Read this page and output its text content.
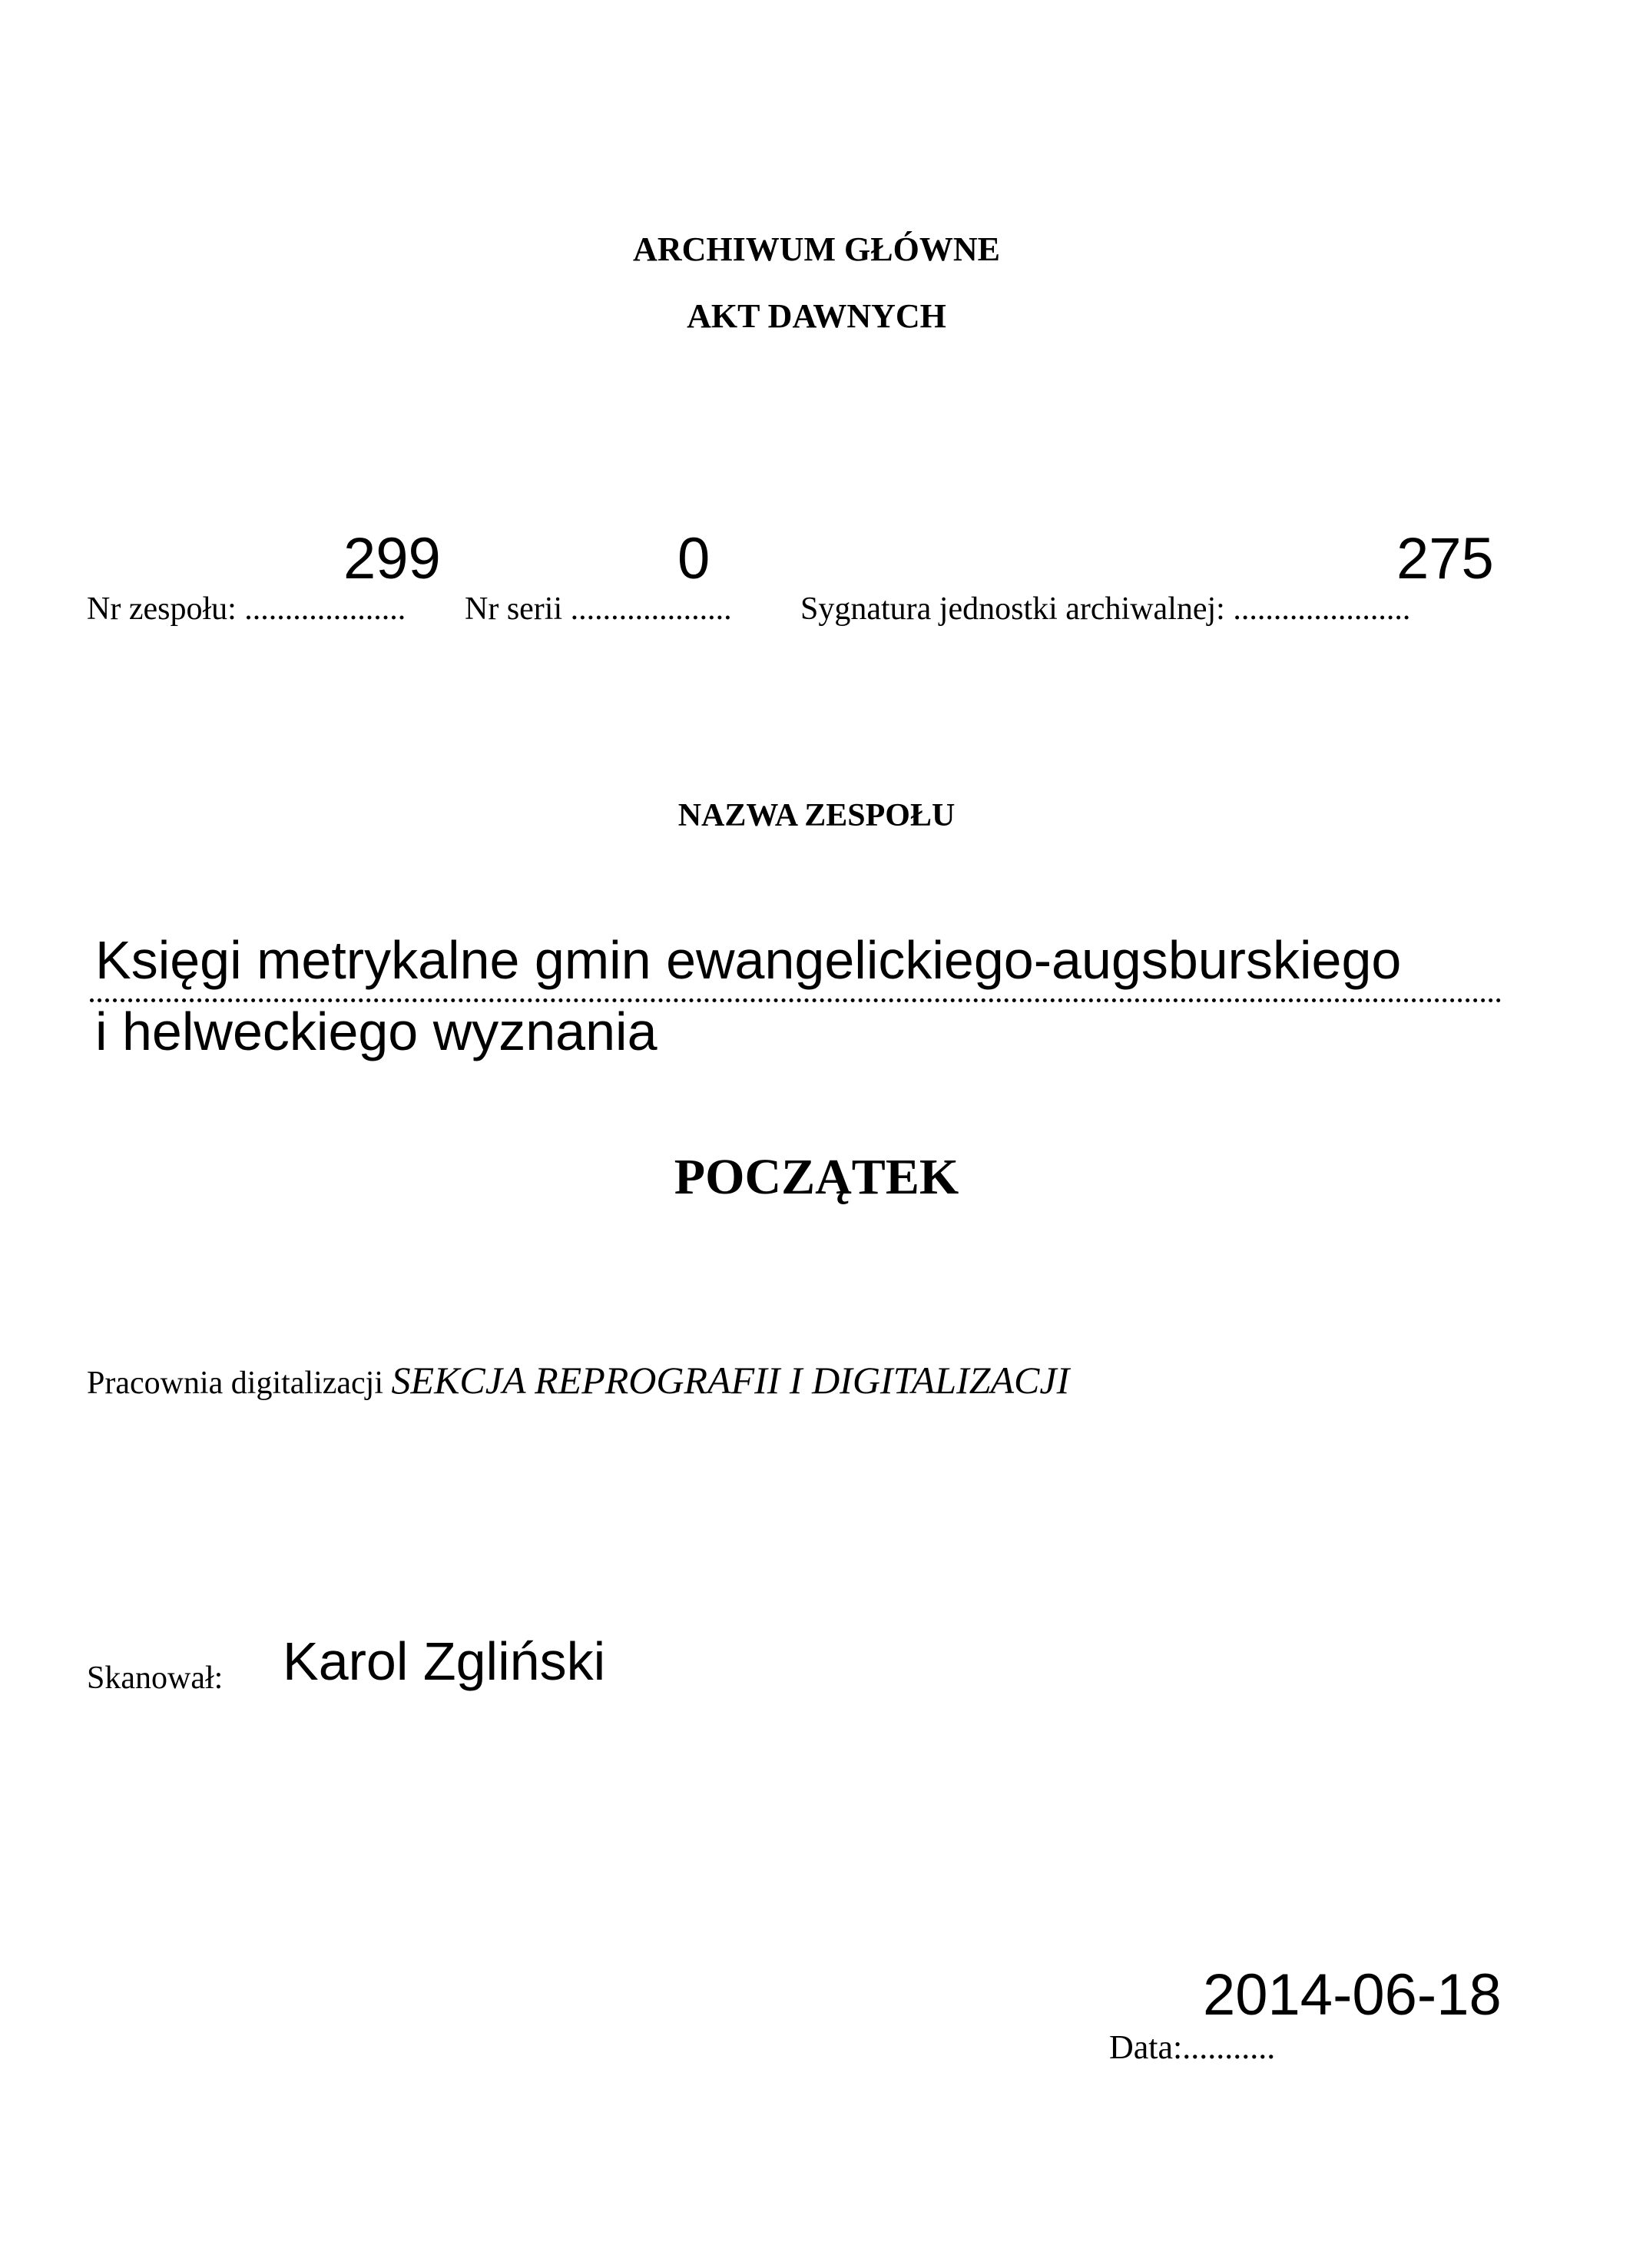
ARCHIWUM GŁÓWNE
AKT DAWNYCH
Nr zespołu: ....................
299
Nr serii ....................
0
Sygnatura jednostki archiwalnej: ......................
275
NAZWA ZESPOŁU
Księgi metrykalne gmin ewangelickiego-augsburskiego
i helweckiego wyznania
POCZĄTEK
Pracownia digitalizacji SEKCJA REPROGRAFII I DIGITALIZACJI
Skanował: Karol Zgliński
Data:...........
2014-06-18
